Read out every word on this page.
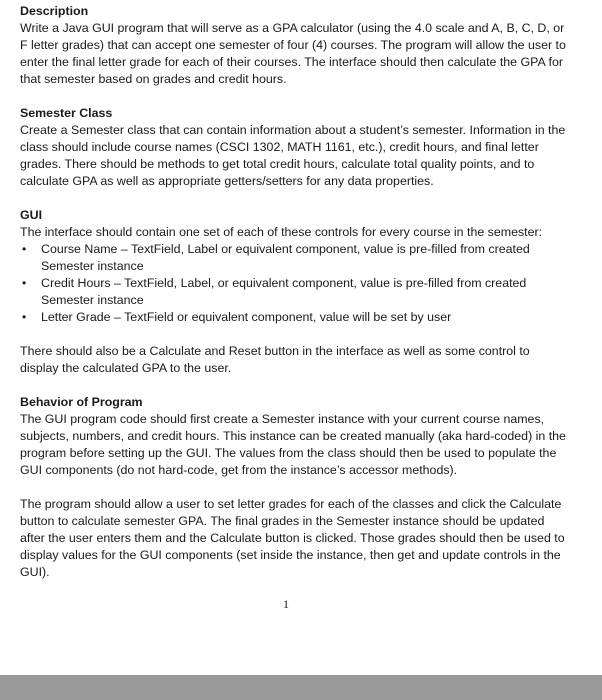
Description

Write a Java GUI program that will serve as a GPA calculator (using the 4.0 scale and A, B, C, D, or F letter grades) that can accept one semester of four (4) courses. The program will allow the user to enter the final letter grade for each of their courses. The interface should then calculate the GPA for that semester based on grades and credit hours.

Semester Class

Create a Semester class that can contain information about a student’s semester. Information in the class should include course names (CSCI 1302, MATH 1161, etc.), credit hours, and final letter grades. There should be methods to get total credit hours, calculate total quality points, and to calculate GPA as well as appropriate getters/setters for any data properties.

GUI

The interface should contain one set of each of these controls for every course in the semester:

• Course Name – TextField, Label or equivalent component, value is pre-filled from created Semester instance
• Credit Hours – TextField, Label, or equivalent component, value is pre-filled from created Semester instance
• Letter Grade – TextField or equivalent component, value will be set by user

There should also be a Calculate and Reset button in the interface as well as some control to display the calculated GPA to the user.

Behavior of Program

The GUI program code should first create a Semester instance with your current course names, subjects, numbers, and credit hours. This instance can be created manually (aka hard-coded) in the program before setting up the GUI. The values from the class should then be used to populate the GUI components (do not hard-code, get from the instance’s accessor methods).

The program should allow a user to set letter grades for each of the classes and click the Calculate button to calculate semester GPA. The final grades in the Semester instance should be updated after the user enters them and the Calculate button is clicked. Those grades should then be used to display values for the GUI components (set inside the instance, then get and update controls in the GUI).

1
